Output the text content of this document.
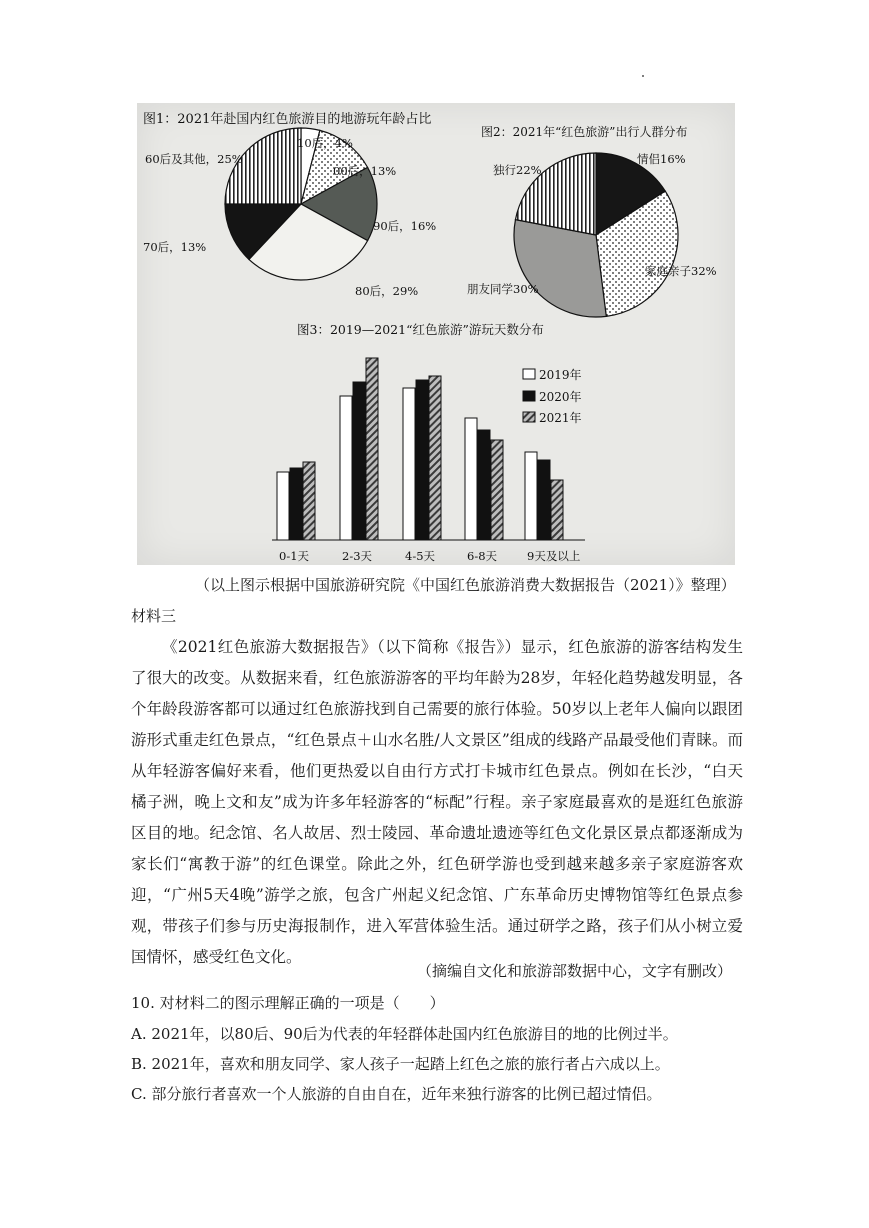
图1：2021年赴国内红色旅游目的地游玩年龄占比
图2：2021年“红色旅游”出行人群分布
图3：2019—2021“红色旅游”游玩天数分布
10后，4%
00后，13%
90后，16%
80后，29%
70后，13%
60后及其他，25%	情侣16%
家庭亲子32%
朋友同学30%
独行22%
0-1天	2-3天	4-5天	6-8天	9天及以上
2019年
2020年
2021年
（以上图示根据中国旅游研究院《中国红色旅游消费大数据报告（2021）》整理）
材料三
《2021红色旅游大数据报告》（以下简称《报告》）显示，红色旅游的游客结构发生了很大的改变。从数据来看，红色旅游游客的平均年龄为28岁，年轻化趋势越发明显，各个年龄段游客都可以通过红色旅游找到自己需要的旅行体验。50岁以上老年人偏向以跟团游形式重走红色景点，“红色景点＋山水名胜/人文景区”组成的线路产品最受他们青睐。而从年轻游客偏好来看，他们更热爱以自由行方式打卡城市红色景点。例如在长沙，“白天橘子洲，晚上文和友”成为许多年轻游客的“标配”行程。亲子家庭最喜欢的是逛红色旅游区目的地。纪念馆、名人故居、烈士陵园、革命遗址遗迹等红色文化景区景点都逐渐成为家长们“寓教于游”的红色课堂。除此之外，红色研学游也受到越来越多亲子家庭游客欢迎，“广州5天4晚”游学之旅，包含广州起义纪念馆、广东革命历史博物馆等红色景点参观，带孩子们参与历史海报制作，进入军营体验生活。通过研学之路，孩子们从小树立爱国情怀，感受红色文化。
（摘编自文化和旅游部数据中心，文字有删改）
10. 对材料二的图示理解正确的一项是（　　）
A. 2021年，以80后、90后为代表的年轻群体赴国内红色旅游目的地的比例过半。
B. 2021年，喜欢和朋友同学、家人孩子一起踏上红色之旅的旅行者占六成以上。
C. 部分旅行者喜欢一个人旅游的自由自在，近年来独行游客的比例已超过情侣。
